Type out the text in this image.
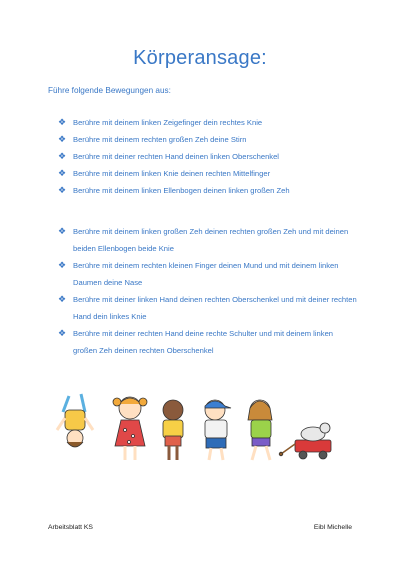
Körperansage:
Führe folgende Bewegungen aus:
❖ Berühre mit deinem linken Zeigefinger dein rechtes Knie
❖ Berühre mit deinem rechten großen Zeh deine Stirn
❖ Berühre mit deiner rechten Hand deinen linken Oberschenkel
❖ Berühre mit deinem linken Knie deinen rechten Mittelfinger
❖ Berühre mit deinem linken Ellenbogen deinen linken großen Zeh
❖ Berühre mit deinem linken großen Zeh deinen rechten großen Zeh und mit deinen beiden Ellenbogen beide Knie
❖ Berühre mit deinem rechten kleinen Finger deinen Mund und mit deinem linken Daumen deine Nase
❖ Berühre mit deiner linken Hand deinen rechten Oberschenkel und mit deiner rechten Hand dein linkes Knie
❖ Berühre mit deiner rechten Hand deine rechte Schulter und mit deinem linken großen Zeh deinen rechten Oberschenkel
Arbeitsblatt KS	Eibl Michelle
